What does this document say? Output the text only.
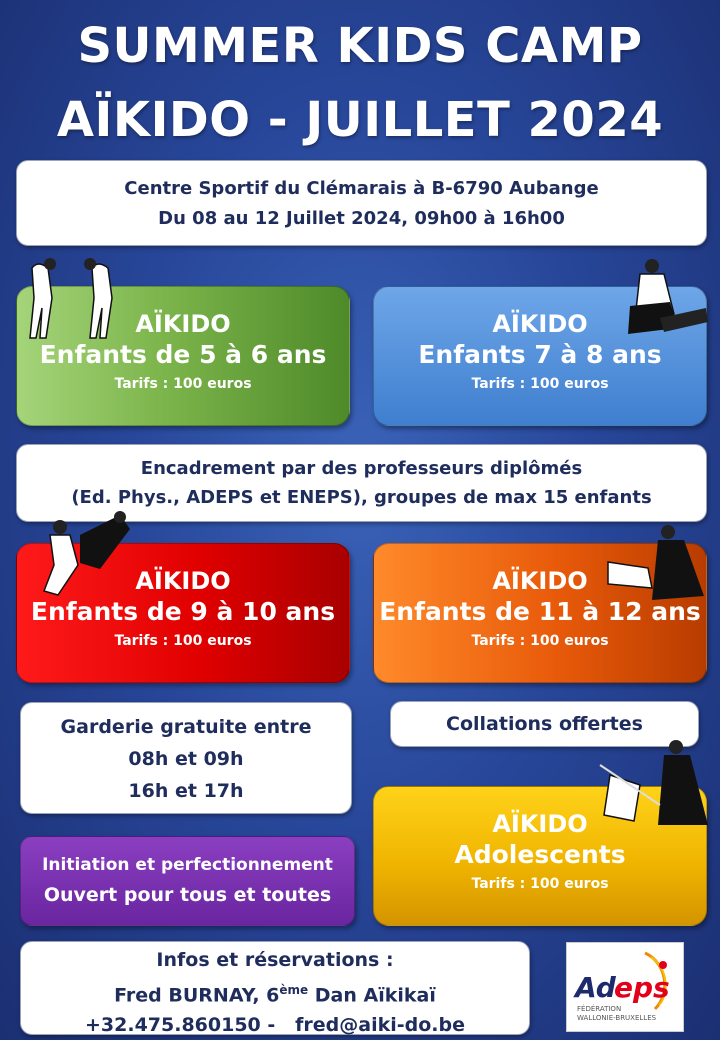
SUMMER KIDS CAMP
AÏKIDO - JUILLET 2024
Centre Sportif du Clémarais à B-6790 Aubange
Du 08 au 12 Juillet 2024, 09h00 à 16h00
AÏKIDO
Enfants de 5 à 6 ans
Tarifs : 100 euros
AÏKIDO
Enfants 7 à 8 ans
Tarifs : 100 euros
Encadrement par des professeurs diplômés
(Ed. Phys., ADEPS et ENEPS), groupes de max 15 enfants
AÏKIDO
Enfants de 9 à 10 ans
Tarifs : 100 euros
AÏKIDO
Enfants de 11 à 12 ans
Tarifs : 100 euros
Garderie gratuite entre
08h et 09h
16h et 17h
Collations offertes
AÏKIDO
Adolescents
Tarifs : 100 euros
Initiation et perfectionnement
Ouvert pour tous et toutes
Infos et réservations :
Fred BURNAY, 6ème Dan Aïkikaï
+32.475.860150 -   fred@aiki-do.be
Ad
eps
FÉDÉRATION
WALLONIE-BRUXELLES
